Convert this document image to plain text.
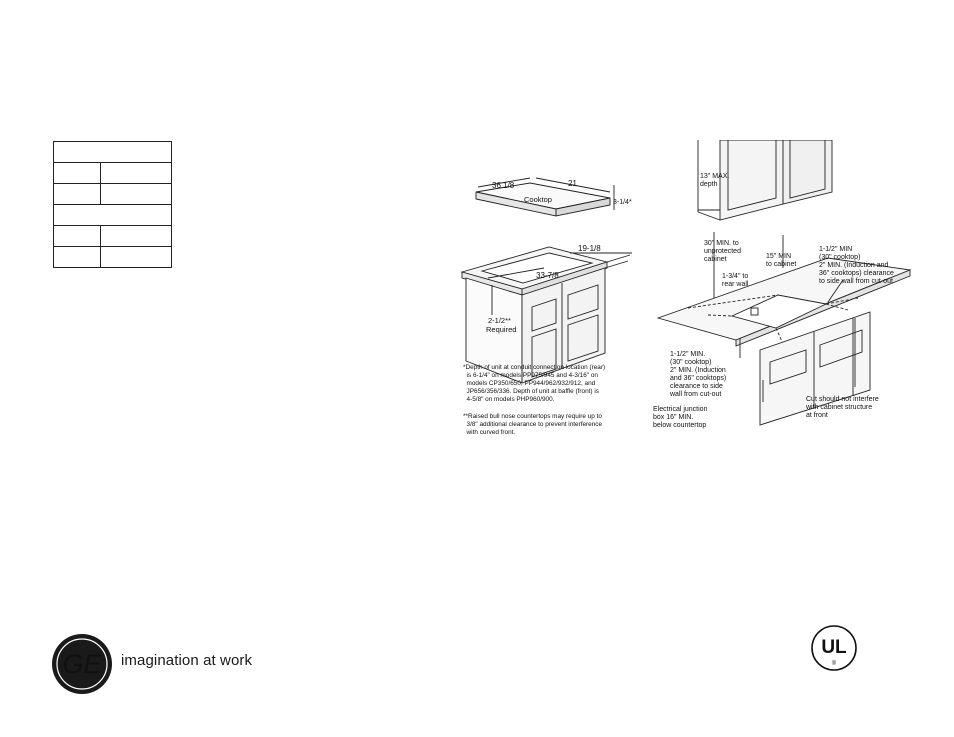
36 1/8	21
3-1/4*
Cooktop
19-1/8
33-7/8
2-1/2**
Required
*Depth of unit at conduit connection location (rear)
is 6-1/4" on models PP975/945 and 4-3/16" on
models CP350/650, PP944/962/932/912, and
JP656/356/336. Depth of unit at baffle (front) is
4-5/8" on models PHP960/900.
**Raised bull nose countertops may require up to
3/8" additional clearance to prevent interference
with curved front.
13" MAX.
depth
30" MIN. to
unprotected
cabinet	15" MIN
to cabinet
1-3/4" to
rear wall
1-1/2" MIN
(30" cooktop)
2" MIN. (Induction and
36" cooktops) clearance
to side wall from cut-out
1-1/2" MIN.
(30" cooktop)
2" MIN. (Induction
and 36" cooktops)
clearance to side
wall from cut-out
Electrical junction
box 16" MIN.
below countertop
Cut should not interfere
with cabinet structure
at front
GE imagination at work
UL
®
